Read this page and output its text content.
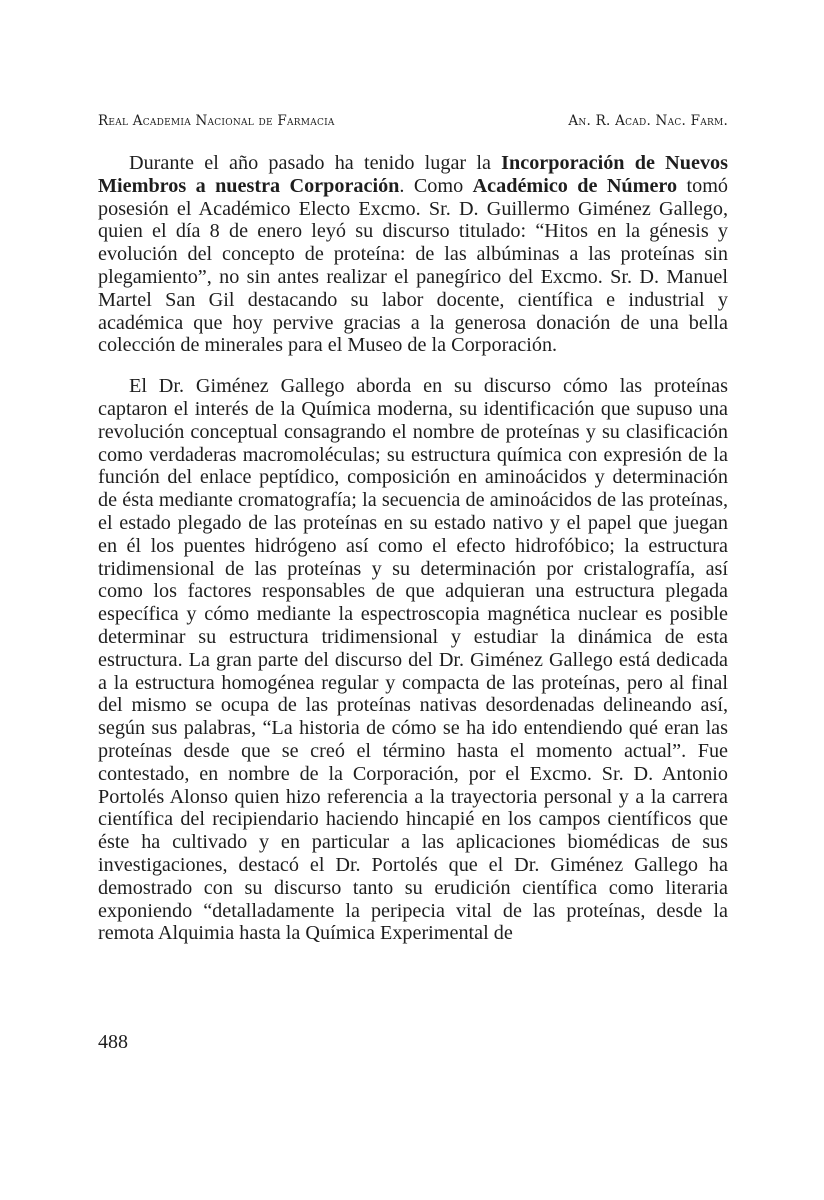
Real Academia Nacional de Farmacia	An. R. Acad. Nac. Farm.

Durante el año pasado ha tenido lugar la Incorporación de Nuevos Miembros a nuestra Corporación. Como Académico de Número tomó posesión el Académico Electo Excmo. Sr. D. Guillermo Giménez Gallego, quien el día 8 de enero leyó su discurso titulado: “Hitos en la génesis y evolución del concepto de proteína: de las albúminas a las proteínas sin plegamiento”, no sin antes realizar el panegírico del Excmo. Sr. D. Manuel Martel San Gil destacando su labor docente, científica e industrial y académica que hoy pervive gracias a la generosa donación de una bella colección de minerales para el Museo de la Corporación.

El Dr. Giménez Gallego aborda en su discurso cómo las proteínas captaron el interés de la Química moderna, su identificación que supuso una revolución conceptual consagrando el nombre de proteínas y su clasificación como verdaderas macromoléculas; su estructura química con expresión de la función del enlace peptídico, composición en aminoácidos y determinación de ésta mediante cromatografía; la secuencia de aminoácidos de las proteínas, el estado plegado de las proteínas en su estado nativo y el papel que juegan en él los puentes hidrógeno así como el efecto hidrofóbico; la estructura tridimensional de las proteínas y su determinación por cristalografía, así como los factores responsables de que adquieran una estructura plegada específica y cómo mediante la espectroscopia magnética nuclear es posible determinar su estructura tridimensional y estudiar la dinámica de esta estructura. La gran parte del discurso del Dr. Giménez Gallego está dedicada a la estructura homogénea regular y compacta de las proteínas, pero al final del mismo se ocupa de las proteínas nativas desordenadas delineando así, según sus palabras, “La historia de cómo se ha ido entendiendo qué eran las proteínas desde que se creó el término hasta el momento actual”. Fue contestado, en nombre de la Corporación, por el Excmo. Sr. D. Antonio Portolés Alonso quien hizo referencia a la trayectoria personal y a la carrera científica del recipiendario haciendo hincapié en los campos científicos que éste ha cultivado y en particular a las aplicaciones biomédicas de sus investigaciones, destacó el Dr. Portolés que el Dr. Giménez Gallego ha demostrado con su discurso tanto su erudición científica como literaria exponiendo “detalladamente la peripecia vital de las proteínas, desde la remota Alquimia hasta la Química Experimental de

488
